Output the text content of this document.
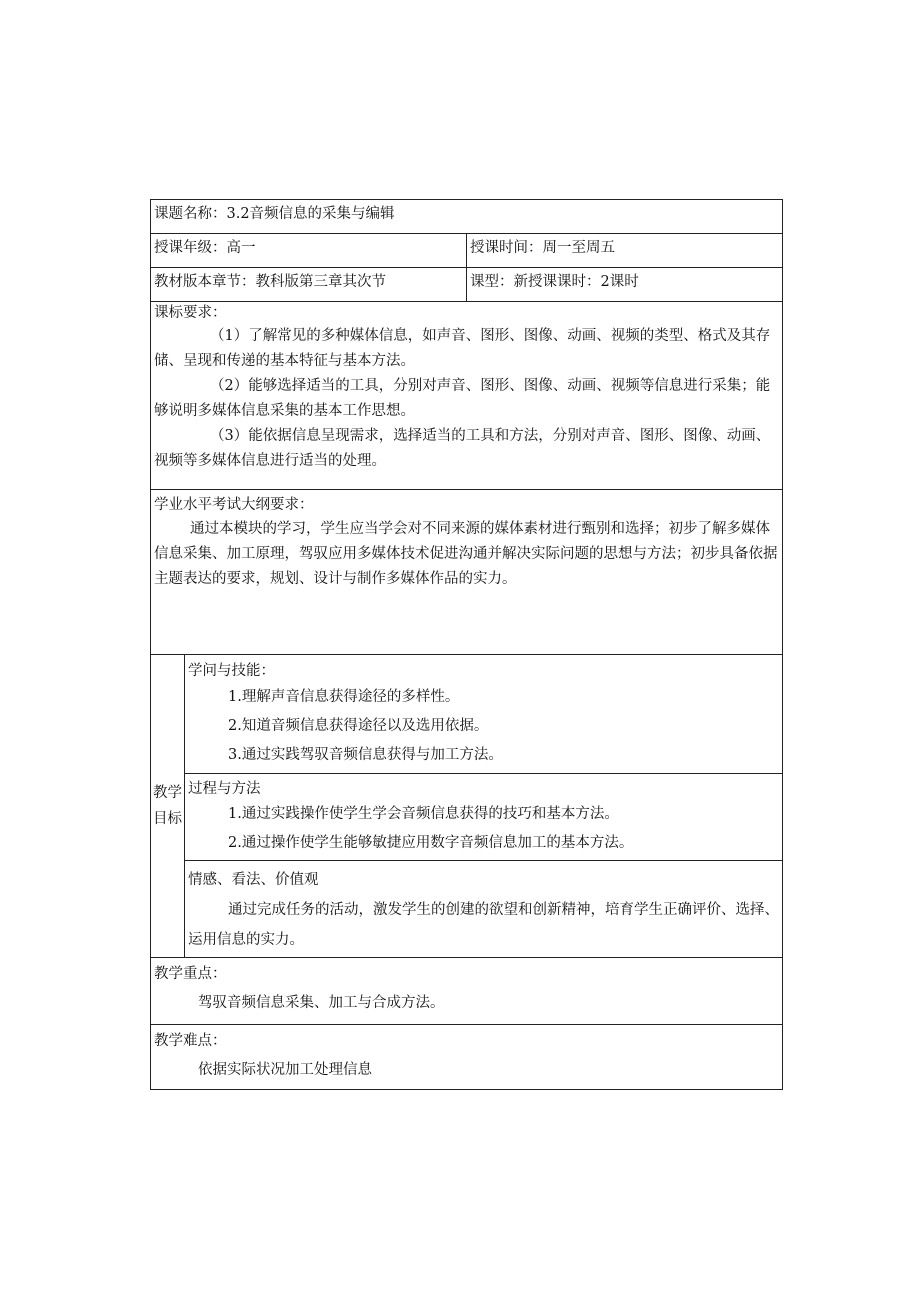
课题名称：3.2音频信息的采集与编辑
授课年级：高一	授课时间：周一至周五
教材版本章节：教科版第三章其次节	课型：新授课课时：2课时

课标要求：

（1）了解常见的多种媒体信息，如声音、图形、图像、动画、视频的类型、格式及其存储、呈现和传递的基本特征与基本方法。

（2）能够选择适当的工具，分别对声音、图形、图像、动画、视频等信息进行采集；能够说明多媒体信息采集的基本工作思想。

（3）能依据信息呈现需求，选择适当的工具和方法，分别对声音、图形、图像、动画、视频等多媒体信息进行适当的处理。

学业水平考试大纲要求：

通过本模块的学习，学生应当学会对不同来源的媒体素材进行甄别和选择；初步了解多媒体信息采集、加工原理，驾驭应用多媒体技术促进沟通并解决实际问题的思想与方法；初步具备依据主题表达的要求，规划、设计与制作多媒体作品的实力。

教学
目标

学问与技能：
1.理解声音信息获得途径的多样性。
2.知道音频信息获得途径以及选用依据。
3.通过实践驾驭音频信息获得与加工方法。

过程与方法
1.通过实践操作使学生学会音频信息获得的技巧和基本方法。
2.通过操作使学生能够敏捷应用数字音频信息加工的基本方法。

情感、看法、价值观

通过完成任务的活动，激发学生的创建的欲望和创新精神，培育学生正确评价、选择、运用信息的实力。

教学重点：
驾驭音频信息采集、加工与合成方法。

教学难点：
依据实际状况加工处理信息
